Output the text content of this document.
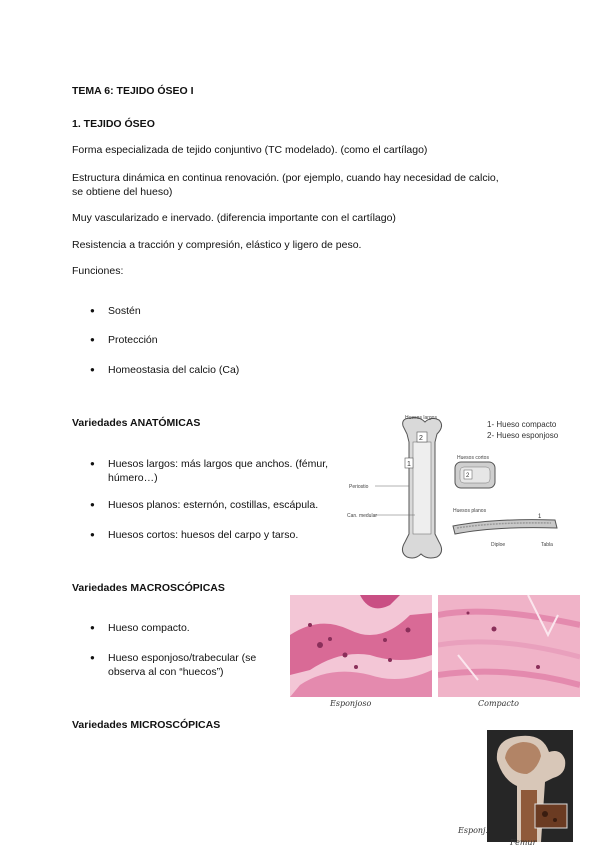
TEMA 6: TEJIDO ÓSEO I
1. TEJIDO ÓSEO
Forma especializada de tejido conjuntivo (TC modelado). (como el cartílago)
Estructura dinámica en continua renovación. (por ejemplo, cuando hay necesidad de calcio,
se obtiene del hueso)
Muy vascularizado e inervado. (diferencia importante con el cartílago)
Resistencia a tracción y compresión, elástico y ligero de peso.
Funciones:
● Sostén
● Protección
● Homeostasia del calcio (Ca)
Variedades ANATÓMICAS
● Huesos largos: más largos que anchos. (fémur,
húmero…)
● Huesos planos: esternón, costillas, escápula.
● Huesos cortos: huesos del carpo y tarso.
2
1
Huesos largos
Periostio
Can. medular
1- Hueso compacto
2- Hueso esponjoso
Huesos cortos
2
Huesos planos
Diploe	Tabla
1
Variedades MACROSCÓPICAS
● Hueso compacto.
● Hueso esponjoso/trabecular (se
observa al con “huecos”)
Esponjoso	Compacto
Variedades MICROSCÓPICAS
Esponj.
Femur
